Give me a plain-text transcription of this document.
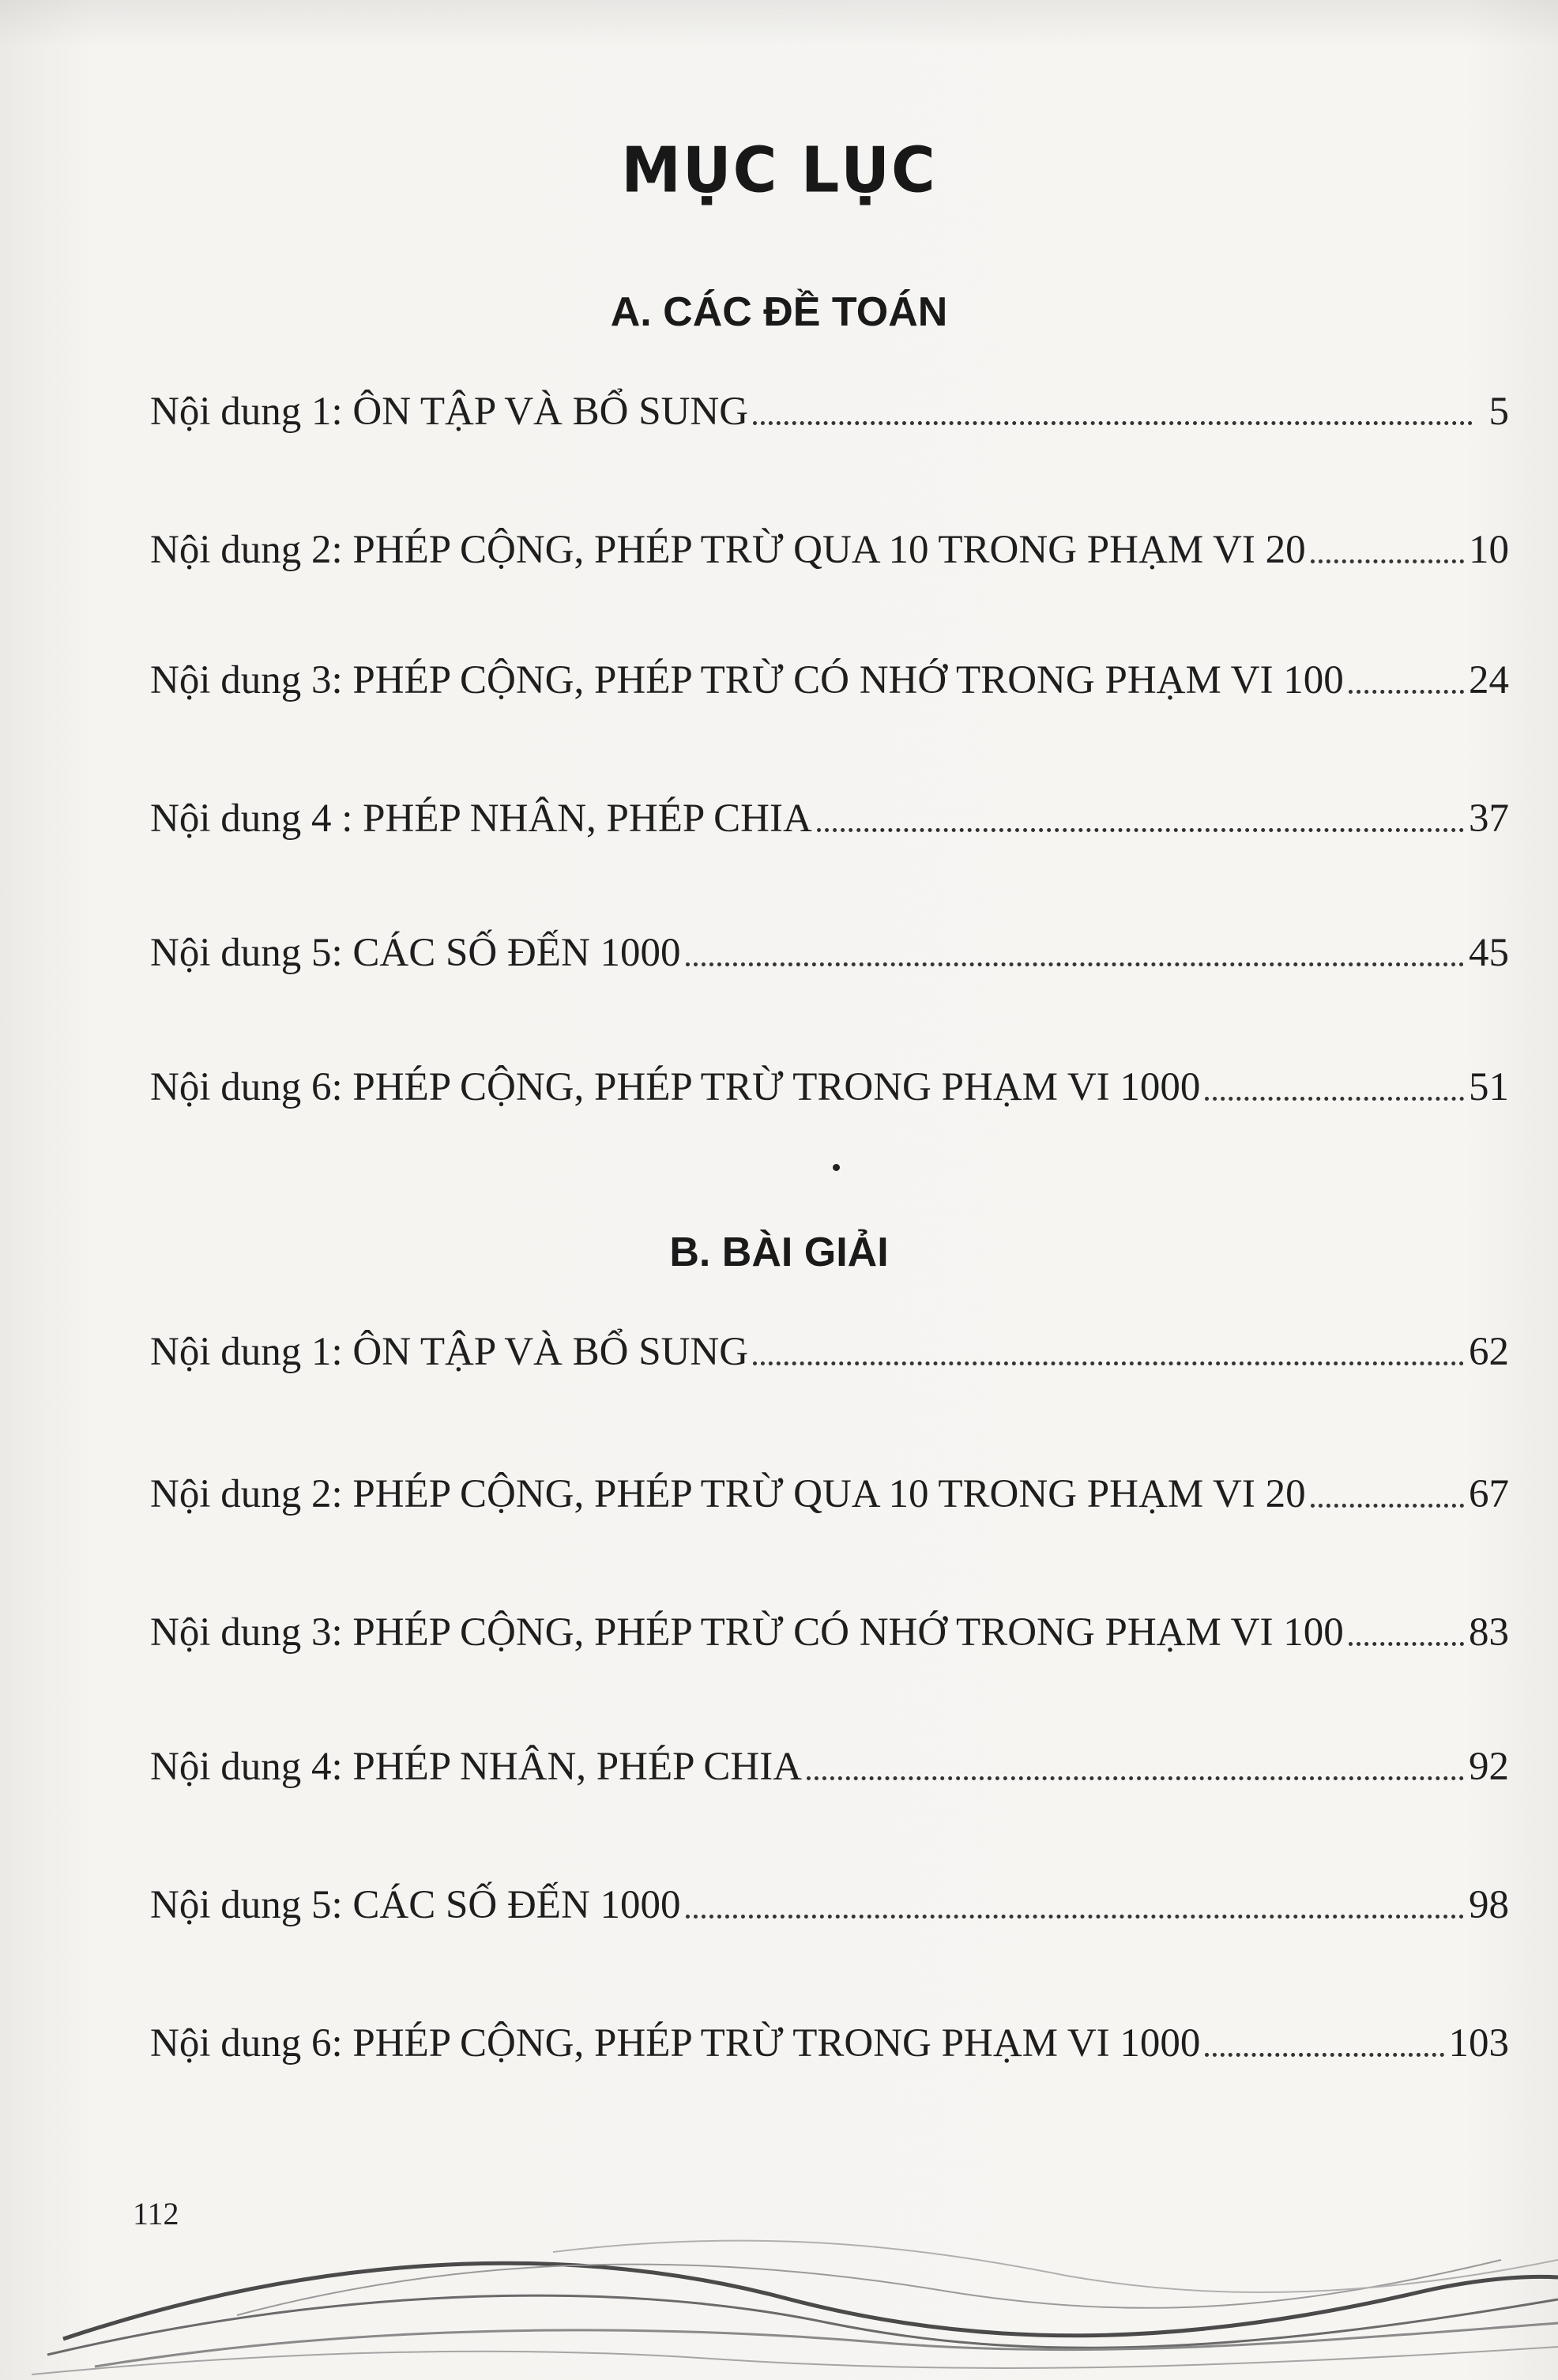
MỤC LỤC
A. CÁC ĐỀ TOÁN
Nội dung 1: ÔN TẬP VÀ BỔ SUNG	5
Nội dung 2: PHÉP CỘNG, PHÉP TRỪ QUA 10 TRONG PHẠM VI 20	10
Nội dung 3: PHÉP CỘNG, PHÉP TRỪ CÓ NHỚ TRONG PHẠM VI 100	24
Nội dung 4 : PHÉP NHÂN, PHÉP CHIA	37
Nội dung 5: CÁC SỐ ĐẾN 1000	45
Nội dung 6: PHÉP CỘNG, PHÉP TRỪ TRONG PHẠM VI 1000	51
B. BÀI GIẢI
Nội dung 1: ÔN TẬP VÀ BỔ SUNG	62
Nội dung 2: PHÉP CỘNG, PHÉP TRỪ QUA 10 TRONG PHẠM VI 20	67
Nội dung 3: PHÉP CỘNG, PHÉP TRỪ CÓ NHỚ TRONG PHẠM VI 100	83
Nội dung 4: PHÉP NHÂN, PHÉP CHIA	92
Nội dung 5: CÁC SỐ ĐẾN 1000	98
Nội dung 6: PHÉP CỘNG, PHÉP TRỪ TRONG PHẠM VI 1000	103
112
